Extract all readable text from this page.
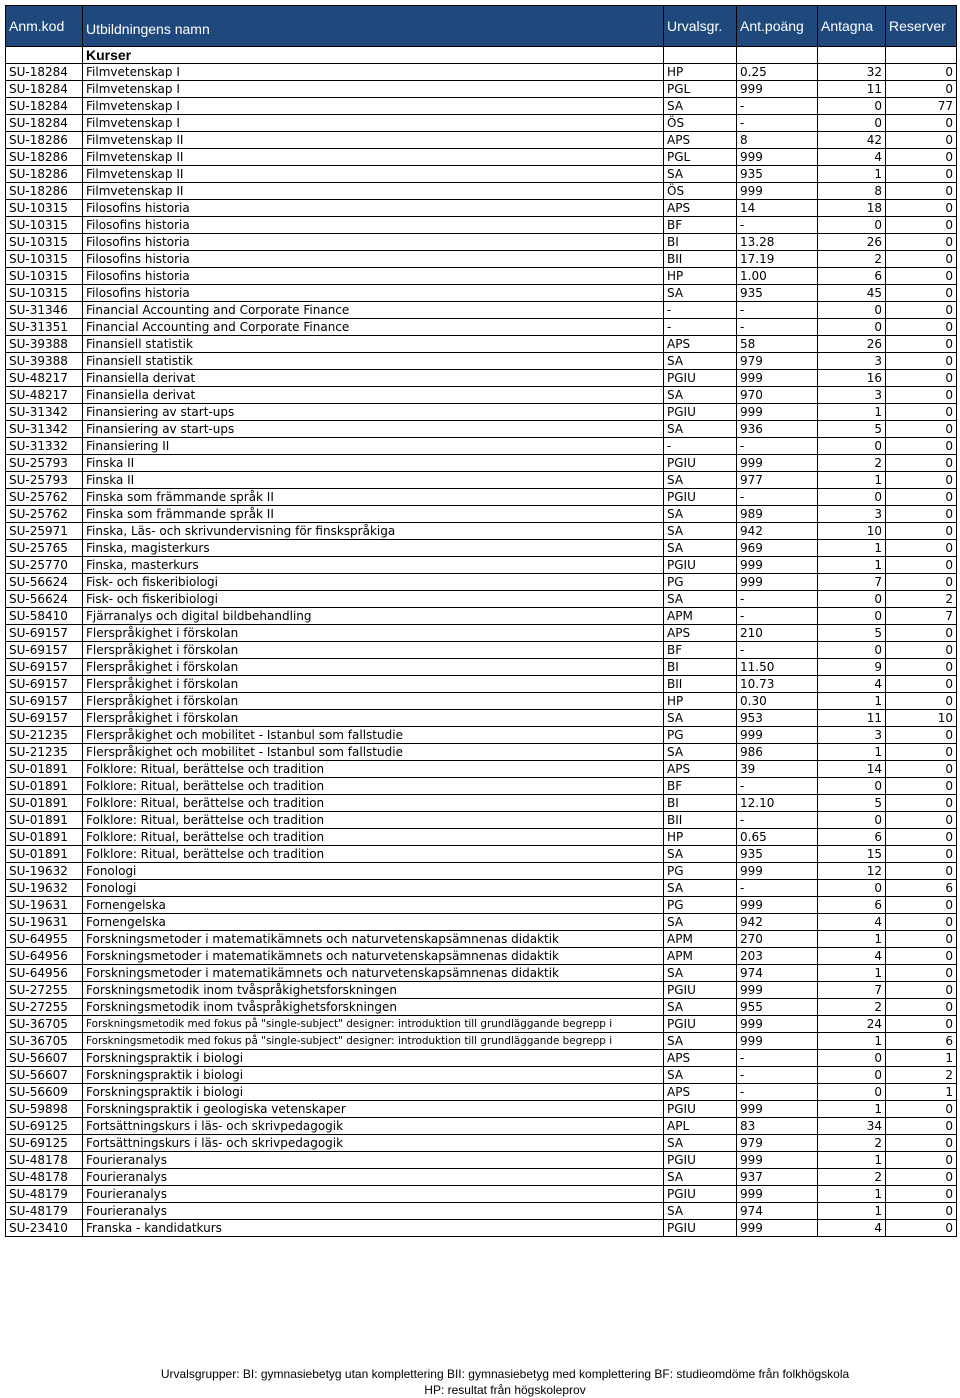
Anm.kod	Utbildningens namn	Urvalsgr.	Ant.poäng	Antagna	Reserver
	Kurser				
SU-18284	Filmvetenskap I	HP	0.25	32	0
SU-18284	Filmvetenskap I	PGL	999	11	0
SU-18284	Filmvetenskap I	SA	-	0	77
SU-18284	Filmvetenskap I	ÖS	-	0	0
SU-18286	Filmvetenskap II	APS	8	42	0
SU-18286	Filmvetenskap II	PGL	999	4	0
SU-18286	Filmvetenskap II	SA	935	1	0
SU-18286	Filmvetenskap II	ÖS	999	8	0
SU-10315	Filosofins historia	APS	14	18	0
SU-10315	Filosofins historia	BF	-	0	0
SU-10315	Filosofins historia	BI	13.28	26	0
SU-10315	Filosofins historia	BII	17.19	2	0
SU-10315	Filosofins historia	HP	1.00	6	0
SU-10315	Filosofins historia	SA	935	45	0
SU-31346	Financial Accounting and Corporate Finance	-	-	0	0
SU-31351	Financial Accounting and Corporate Finance	-	-	0	0
SU-39388	Finansiell statistik	APS	58	26	0
SU-39388	Finansiell statistik	SA	979	3	0
SU-48217	Finansiella derivat	PGIU	999	16	0
SU-48217	Finansiella derivat	SA	970	3	0
SU-31342	Finansiering av start-ups	PGIU	999	1	0
SU-31342	Finansiering av start-ups	SA	936	5	0
SU-31332	Finansiering II	-	-	0	0
SU-25793	Finska II	PGIU	999	2	0
SU-25793	Finska II	SA	977	1	0
SU-25762	Finska som främmande språk II	PGIU	-	0	0
SU-25762	Finska som främmande språk II	SA	989	3	0
SU-25971	Finska, Läs- och skrivundervisning för finskspråkiga	SA	942	10	0
SU-25765	Finska, magisterkurs	SA	969	1	0
SU-25770	Finska, masterkurs	PGIU	999	1	0
SU-56624	Fisk- och fiskeribiologi	PG	999	7	0
SU-56624	Fisk- och fiskeribiologi	SA	-	0	2
SU-58410	Fjärranalys och digital bildbehandling	APM	-	0	7
SU-69157	Flerspråkighet i förskolan	APS	210	5	0
SU-69157	Flerspråkighet i förskolan	BF	-	0	0
SU-69157	Flerspråkighet i förskolan	BI	11.50	9	0
SU-69157	Flerspråkighet i förskolan	BII	10.73	4	0
SU-69157	Flerspråkighet i förskolan	HP	0.30	1	0
SU-69157	Flerspråkighet i förskolan	SA	953	11	10
SU-21235	Flerspråkighet och mobilitet - Istanbul som fallstudie	PG	999	3	0
SU-21235	Flerspråkighet och mobilitet - Istanbul som fallstudie	SA	986	1	0
SU-01891	Folklore: Ritual, berättelse och tradition	APS	39	14	0
SU-01891	Folklore: Ritual, berättelse och tradition	BF	-	0	0
SU-01891	Folklore: Ritual, berättelse och tradition	BI	12.10	5	0
SU-01891	Folklore: Ritual, berättelse och tradition	BII	-	0	0
SU-01891	Folklore: Ritual, berättelse och tradition	HP	0.65	6	0
SU-01891	Folklore: Ritual, berättelse och tradition	SA	935	15	0
SU-19632	Fonologi	PG	999	12	0
SU-19632	Fonologi	SA	-	0	6
SU-19631	Fornengelska	PG	999	6	0
SU-19631	Fornengelska	SA	942	4	0
SU-64955	Forskningsmetoder i matematikämnets och naturvetenskapsämnenas didaktik	APM	270	1	0
SU-64956	Forskningsmetoder i matematikämnets och naturvetenskapsämnenas didaktik	APM	203	4	0
SU-64956	Forskningsmetoder i matematikämnets och naturvetenskapsämnenas didaktik	SA	974	1	0
SU-27255	Forskningsmetodik inom tvåspråkighetsforskningen	PGIU	999	7	0
SU-27255	Forskningsmetodik inom tvåspråkighetsforskningen	SA	955	2	0
SU-36705	Forskningsmetodik med fokus på "single-subject" designer: introduktion till grundläggande begrepp i	PGIU	999	24	0
SU-36705	Forskningsmetodik med fokus på "single-subject" designer: introduktion till grundläggande begrepp i	SA	999	1	6
SU-56607	Forskningspraktik i biologi	APS	-	0	1
SU-56607	Forskningspraktik i biologi	SA	-	0	2
SU-56609	Forskningspraktik i biologi	APS	-	0	1
SU-59898	Forskningspraktik i geologiska vetenskaper	PGIU	999	1	0
SU-69125	Fortsättningskurs i läs- och skrivpedagogik	APL	83	34	0
SU-69125	Fortsättningskurs i läs- och skrivpedagogik	SA	979	2	0
SU-48178	Fourieranalys	PGIU	999	1	0
SU-48178	Fourieranalys	SA	937	2	0
SU-48179	Fourieranalys	PGIU	999	1	0
SU-48179	Fourieranalys	SA	974	1	0
SU-23410	Franska - kandidatkurs	PGIU	999	4	0
Urvalsgrupper: BI: gymnasiebetyg utan komplettering BII: gymnasiebetyg med komplettering BF: studieomdöme från folkhögskola
HP: resultat från högskoleprov
